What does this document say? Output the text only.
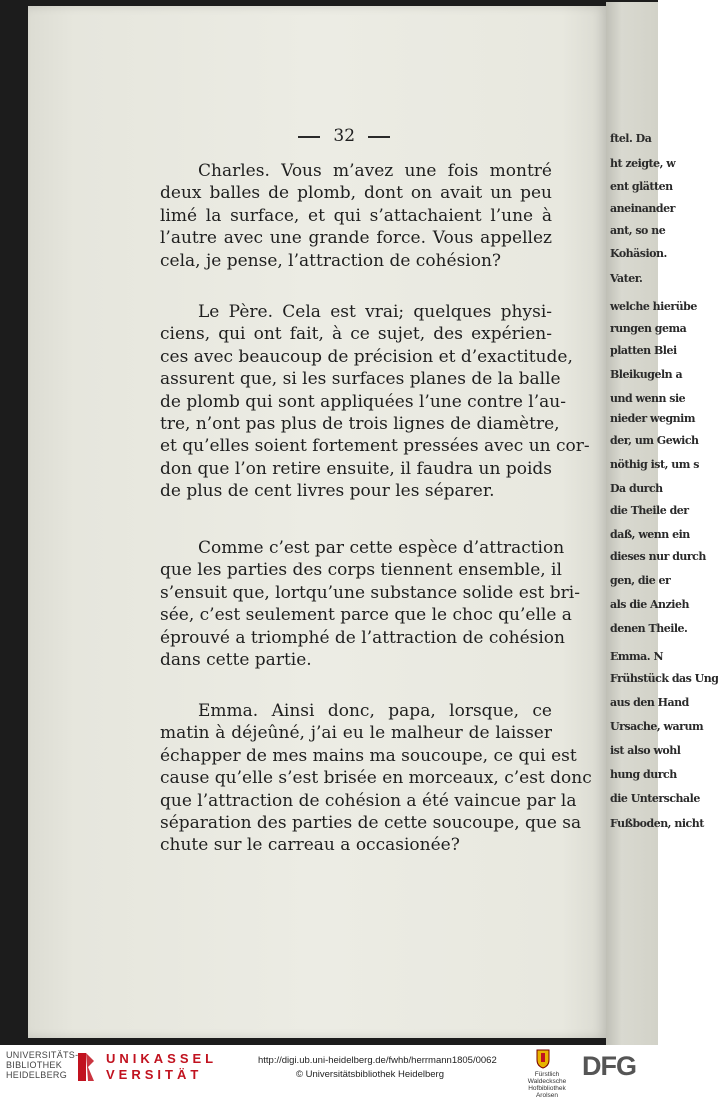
32	ftel. Da
ht zeigte, w
ent glätten
aneinander
ant, so ne
Kohäsion.
Vater.
welche hierübe
rungen gema
platten Blei
Bleikugeln a
und wenn sie
nieder wegnim
der, um Gewich
nöthig ist, um s
Da durch
die Theile der
daß, wenn ein
dieses nur durch
gen, die er
als die Anzieh
denen Theile.
Emma. N
Frühstück das Ung
aus den Hand
Ursache, warum
ist also wohl
hung durch
die Unterschale
Fußboden, nicht
Charles. Vous m’avez une fois montré
deux balles de plomb, dont on avait un peu
limé la surface, et qui s’attachaient l’une à
l’autre avec une grande force. Vous appellez
cela, je pense, l’attraction de cohésion?
Le Père. Cela est vrai; quelques physi-
ciens, qui ont fait, à ce sujet, des expérien-
ces avec beaucoup de précision et d’exactitude,
assurent que, si les surfaces planes de la balle
de plomb qui sont appliquées l’une contre l’au-
tre, n’ont pas plus de trois lignes de diamètre,
et qu’elles soient fortement pressées avec un cor-
don que l’on retire ensuite, il faudra un poids
de plus de cent livres pour les séparer.
Comme c’est par cette espèce d’attraction
que les parties des corps tiennent ensemble, il
s’ensuit que, lortqu’une substance solide est bri-
sée, c’est seulement parce que le choc qu’elle a
éprouvé a triomphé de l’attraction de cohésion
dans cette partie.
Emma. Ainsi donc, papa, lorsque, ce
matin à déjeûné, j’ai eu le malheur de laisser
échapper de mes mains ma soucoupe, ce qui est
cause qu’elle s’est brisée en morceaux, c’est donc
que l’attraction de cohésion a été vaincue par la
séparation des parties de cette soucoupe, que sa
chute sur le carreau a occasionée?
UNIVERSITÄTS-
BIBLIOTHEK
HEIDELBERG
UNIKASSEL
VERSITÄT
http://digi.ub.uni-heidelberg.de/fwhb/herrmann1805/0062
© Universitätsbibliothek Heidelberg	Fürstlich Waldecksche
Hofbibliothek Arolsen
DFG
